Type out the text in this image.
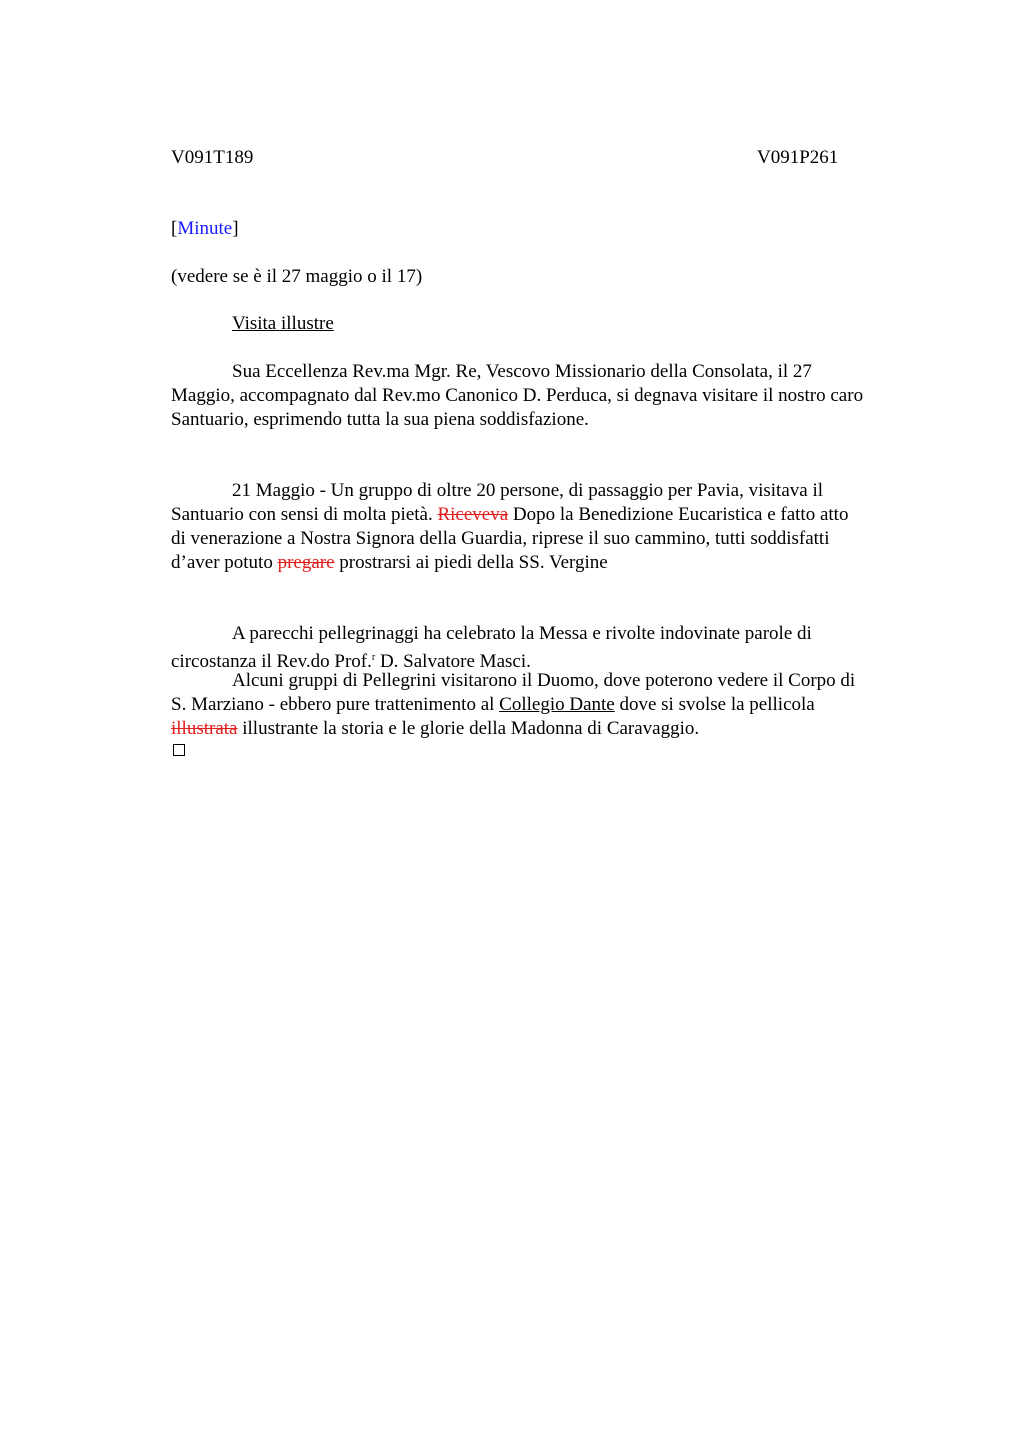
V091T189	V091P261
[Minute]
(vedere se è il 27 maggio o il 17)
Visita illustre
Sua Eccellenza Rev.ma Mgr. Re, Vescovo Missionario della Consolata, il 27
Maggio, accompagnato dal Rev.mo Canonico D. Perduca, si degnava visitare il nostro caro
Santuario, esprimendo tutta la sua piena soddisfazione.
21 Maggio - Un gruppo di oltre 20 persone, di passaggio per Pavia, visitava il
Santuario con sensi di molta pietà. Riceveva Dopo la Benedizione Eucaristica e fatto atto
di venerazione a Nostra Signora della Guardia, riprese il suo cammino, tutti soddisfatti
d’aver potuto pregare prostrarsi ai piedi della SS. Vergine
A parecchi pellegrinaggi ha celebrato la Messa e rivolte indovinate parole di
circostanza il Rev.do Prof.$^r$ D. Salvatore Masci.
Alcuni gruppi di Pellegrini visitarono il Duomo, dove poterono vedere il Corpo di
S. Marziano - ebbero pure trattenimento al Collegio Dante dove si svolse la pellicola
illustrata illustrante la storia e le glorie della Madonna di Caravaggio.
